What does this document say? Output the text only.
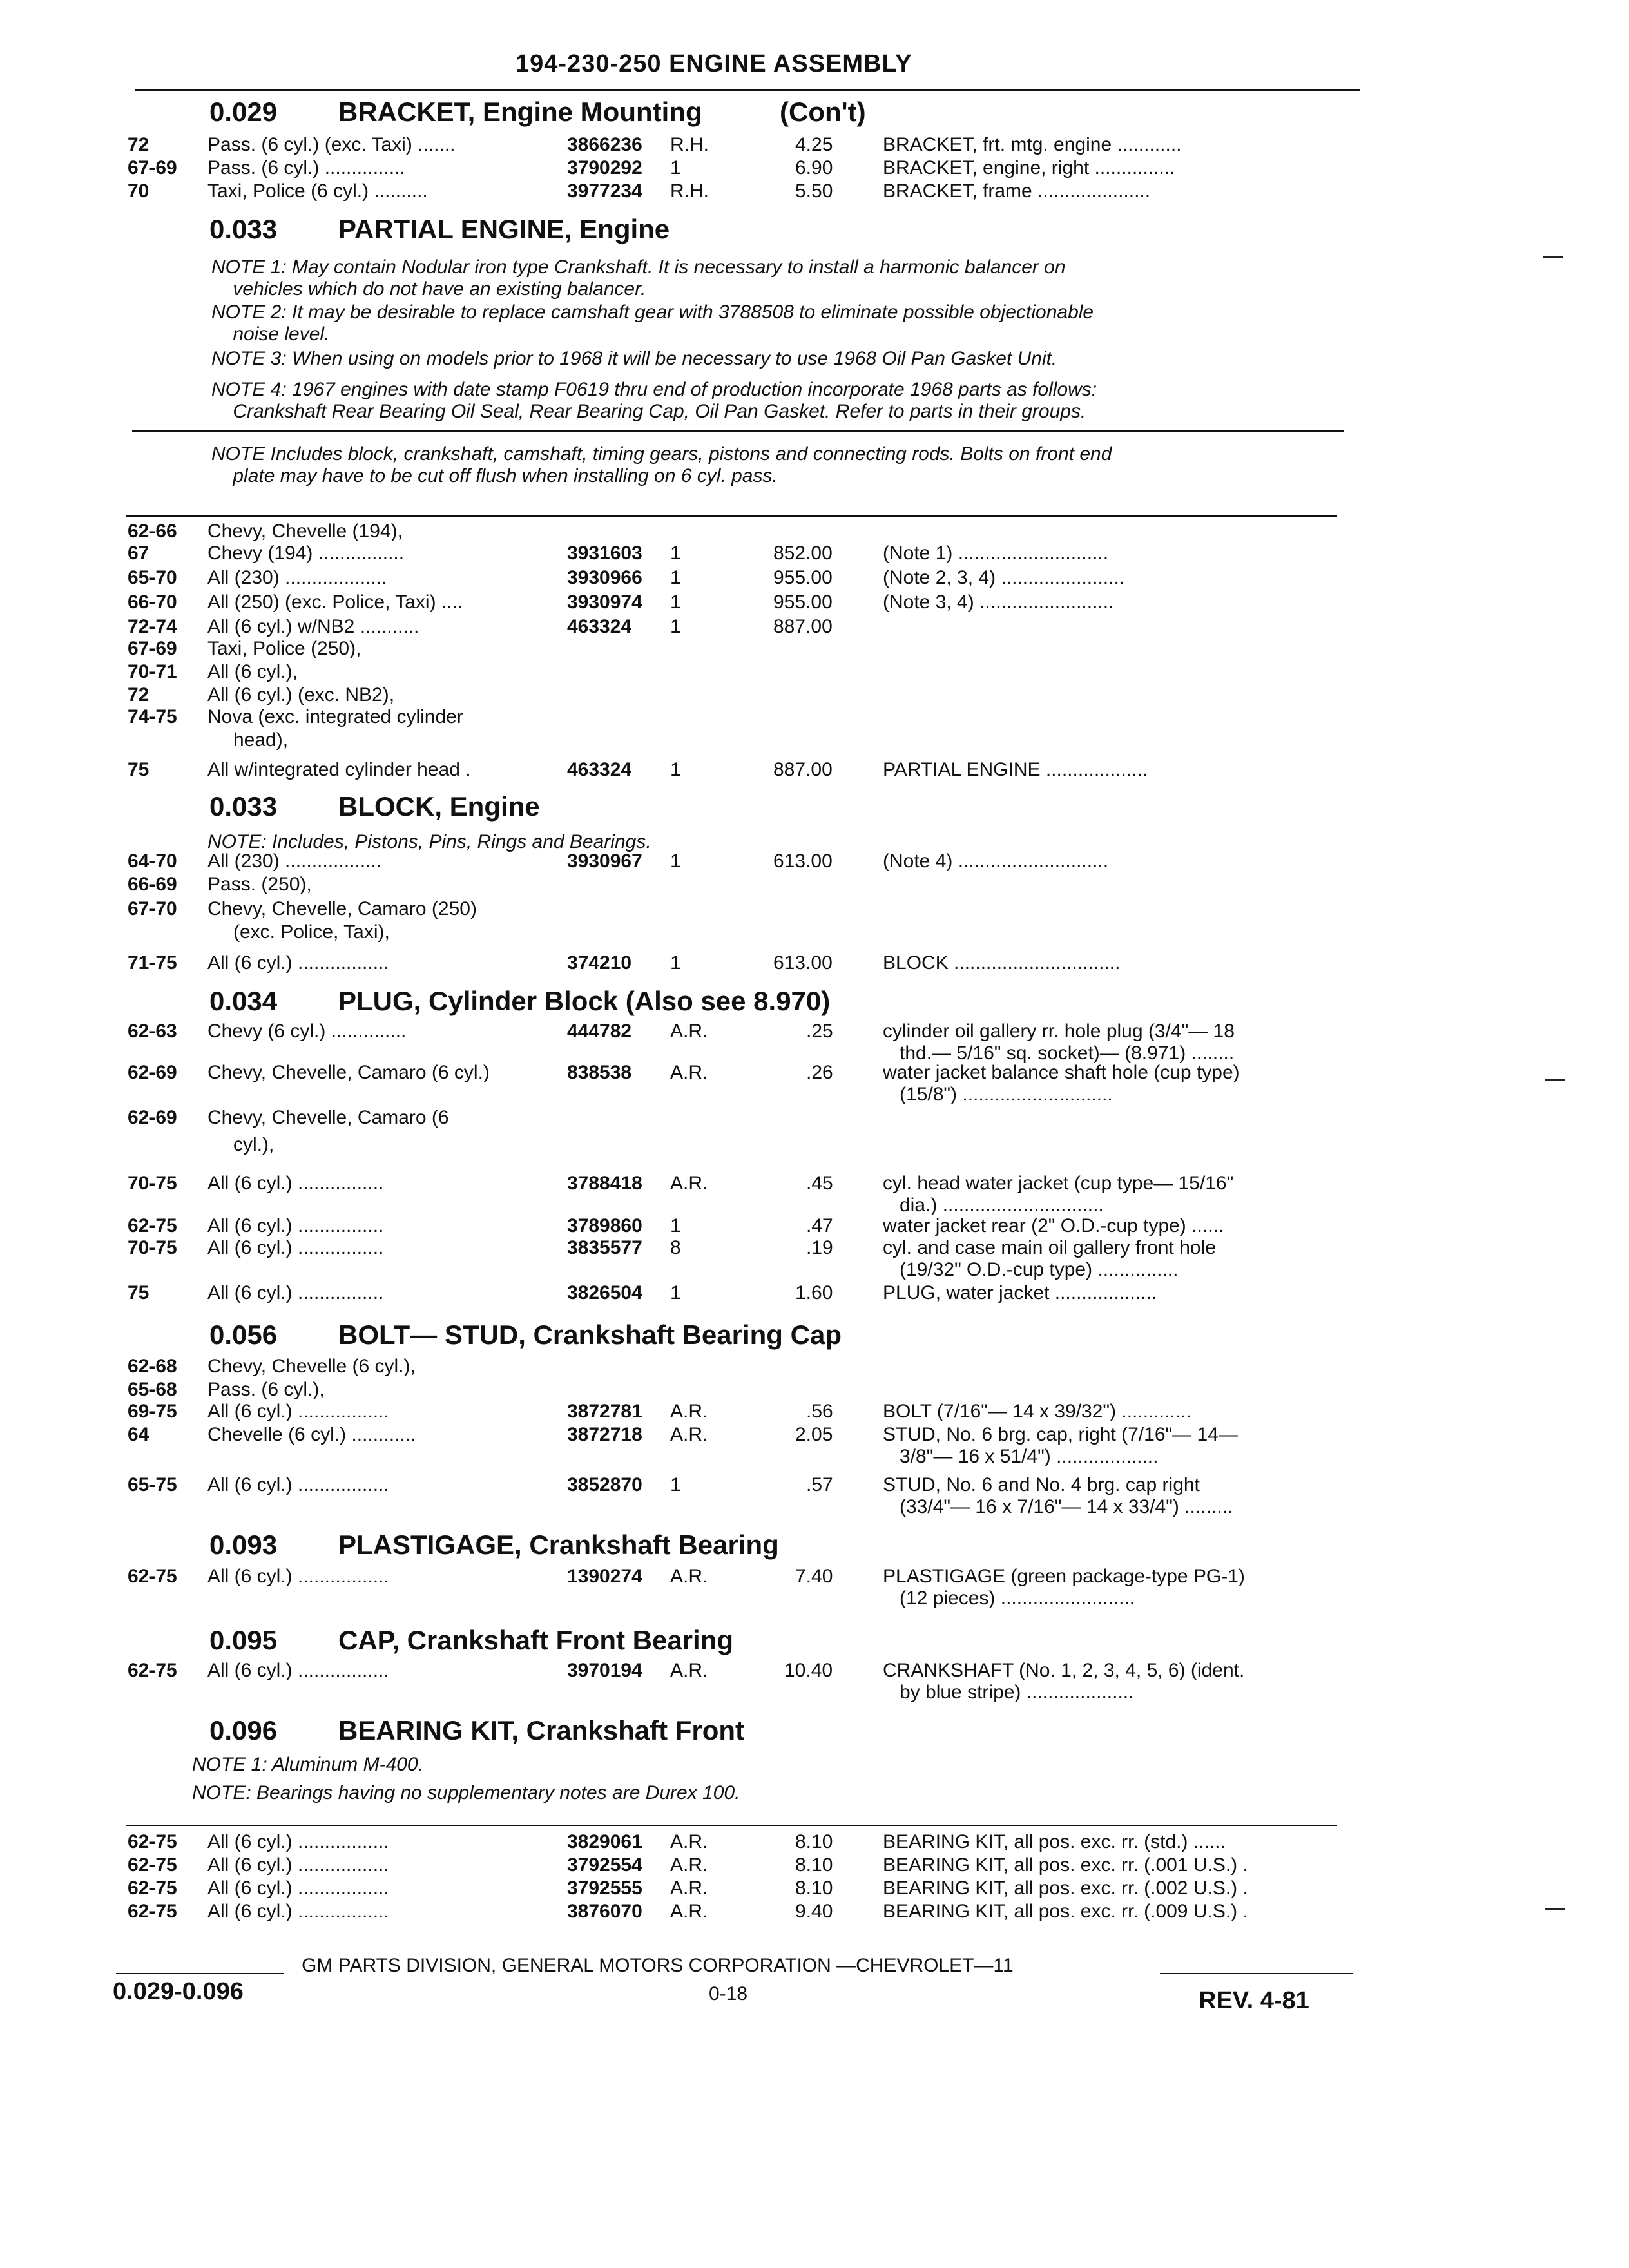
194-230-250 ENGINE ASSEMBLY
0.029 BRACKET, Engine Mounting	(Con't)
72	Pass. (6 cyl.) (exc. Taxi) .......	3866236 R.H.	4.25	BRACKET, frt. mtg. engine ............
67-69 Pass. (6 cyl.) ...............	3790292 1	6.90	BRACKET, engine, right ...............
70	Taxi, Police (6 cyl.) ..........	3977234 R.H.	5.50	BRACKET, frame .....................
0.033 PARTIAL ENGINE, Engine
NOTE 1: May contain Nodular iron type Crankshaft. It is necessary to install a harmonic balancer on
vehicles which do not have an existing balancer.
NOTE 2: It may be desirable to replace camshaft gear with 3788508 to eliminate possible objectionable
noise level.
NOTE 3: When using on models prior to 1968 it will be necessary to use 1968 Oil Pan Gasket Unit.
NOTE 4: 1967 engines with date stamp F0619 thru end of production incorporate 1968 parts as follows:
Crankshaft Rear Bearing Oil Seal, Rear Bearing Cap, Oil Pan Gasket. Refer to parts in their groups.
NOTE Includes block, crankshaft, camshaft, timing gears, pistons and connecting rods. Bolts on front end
plate may have to be cut off flush when installing on 6 cyl. pass.
62-66 Chevy, Chevelle (194),
67	Chevy (194) ................	3931603 1	852.00	(Note 1) ............................
65-70 All (230) ...................	3930966 1	955.00	(Note 2, 3, 4) .......................
66-70 All (250) (exc. Police, Taxi) ....	3930974 1	955.00	(Note 3, 4) .........................
72-74 All (6 cyl.) w/NB2 ...........	463324 1	887.00
67-69 Taxi, Police (250),
70-71 All (6 cyl.),
72	All (6 cyl.) (exc. NB2),
74-75 Nova (exc. integrated cylinder
head),
75	All w/integrated cylinder head .	463324 1	887.00	PARTIAL ENGINE ...................
0.033 BLOCK, Engine
NOTE: Includes, Pistons, Pins, Rings and Bearings.
64-70 All (230) ..................	3930967 1	613.00	(Note 4) ............................
66-69 Pass. (250),
67-70 Chevy, Chevelle, Camaro (250)
(exc. Police, Taxi),
71-75 All (6 cyl.) .................	374210 1	613.00	BLOCK ...............................
0.034 PLUG, Cylinder Block (Also see 8.970)
62-63 Chevy (6 cyl.) ..............	444782 A.R.	.25	cylinder oil gallery rr. hole plug (3/4"— 18
thd.— 5/16" sq. socket)— (8.971) ........
62-69 Chevy, Chevelle, Camaro (6 cyl.)	838538 A.R.	.26	water jacket balance shaft hole (cup type)
(15/8") ............................
62-69 Chevy, Chevelle, Camaro (6
cyl.),
70-75 All (6 cyl.) ................	3788418 A.R.	.45	cyl. head water jacket (cup type— 15/16"
dia.) ..............................
62-75 All (6 cyl.) ................	3789860 1	.47	water jacket rear (2" O.D.-cup type) ......
70-75 All (6 cyl.) ................	3835577 8	.19	cyl. and case main oil gallery front hole
(19/32" O.D.-cup type) ...............
75	All (6 cyl.) ................	3826504 1	1.60	PLUG, water jacket ...................
0.056 BOLT— STUD, Crankshaft Bearing Cap
62-68 Chevy, Chevelle (6 cyl.),
65-68 Pass. (6 cyl.),
69-75 All (6 cyl.) .................	3872781 A.R.	.56	BOLT (7/16"— 14 x 39/32") .............
64	Chevelle (6 cyl.) ............	3872718 A.R.	2.05	STUD, No. 6 brg. cap, right (7/16"— 14—
3/8"— 16 x 51/4") ...................
65-75 All (6 cyl.) .................	3852870 1	.57	STUD, No. 6 and No. 4 brg. cap right
(33/4"— 16 x 7/16"— 14 x 33/4") .........
0.093 PLASTIGAGE, Crankshaft Bearing
62-75 All (6 cyl.) .................	1390274 A.R.	7.40	PLASTIGAGE (green package-type PG-1)
(12 pieces) .........................
0.095 CAP, Crankshaft Front Bearing
62-75 All (6 cyl.) .................	3970194 A.R.	10.40	CRANKSHAFT (No. 1, 2, 3, 4, 5, 6) (ident.
by blue stripe) ....................
0.096 BEARING KIT, Crankshaft Front
NOTE 1: Aluminum M-400.
NOTE: Bearings having no supplementary notes are Durex 100.
62-75 All (6 cyl.) .................	3829061 A.R.	8.10	BEARING KIT, all pos. exc. rr. (std.) ......
62-75 All (6 cyl.) .................	3792554 A.R.	8.10	BEARING KIT, all pos. exc. rr. (.001 U.S.) .
62-75 All (6 cyl.) .................	3792555 A.R.	8.10	BEARING KIT, all pos. exc. rr. (.002 U.S.) .
62-75 All (6 cyl.) .................	3876070 A.R.	9.40	BEARING KIT, all pos. exc. rr. (.009 U.S.) .
GM PARTS DIVISION, GENERAL MOTORS CORPORATION —CHEVROLET—11
0.029-0.096	0-18	REV. 4-81
